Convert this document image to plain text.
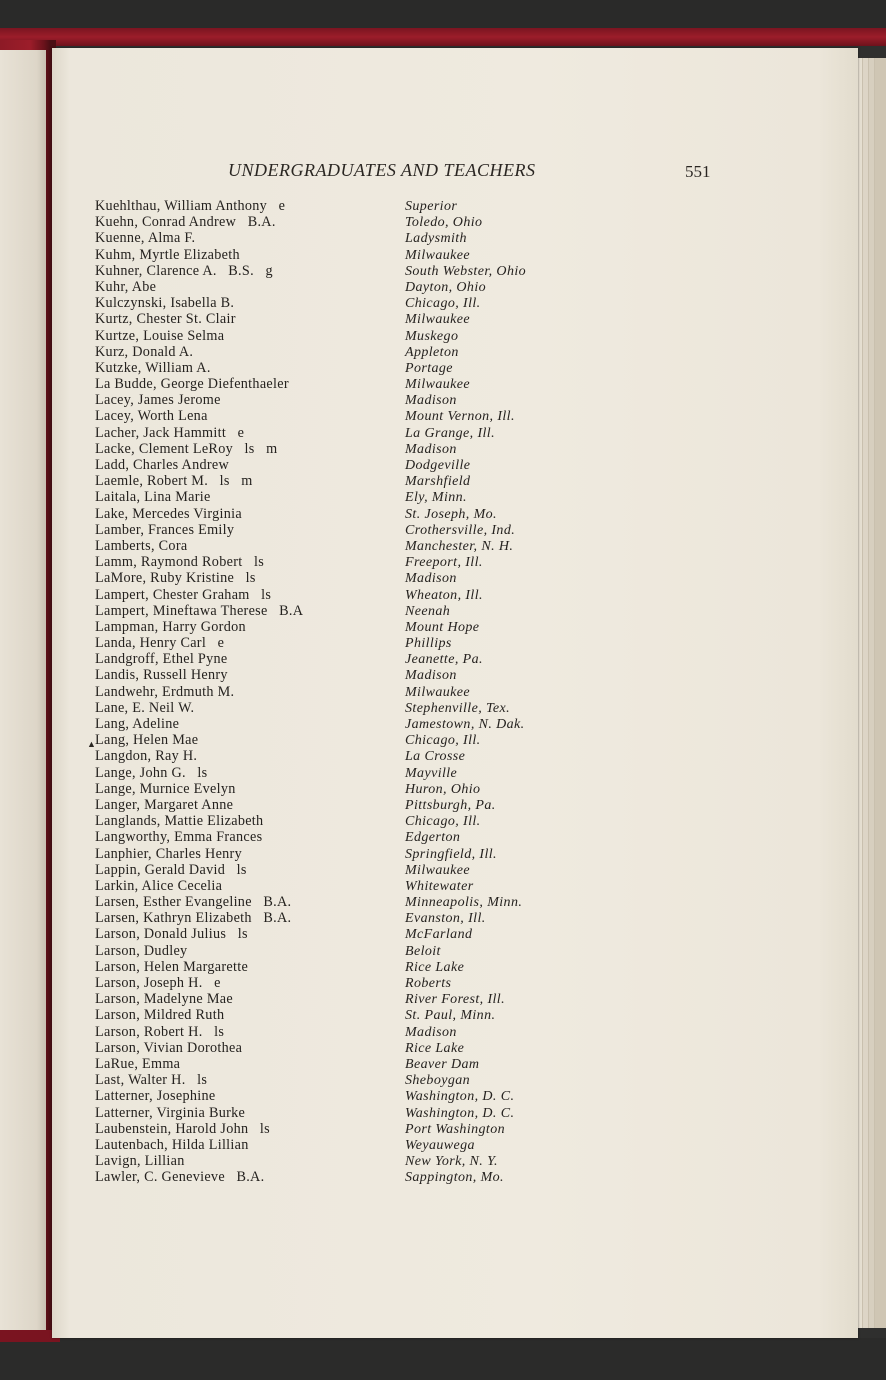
UNDERGRADUATES AND TEACHERS	551
▲
Kuehlthau, William Anthony   e	Superior
Kuehn, Conrad Andrew   B.A.	Toledo, Ohio
Kuenne, Alma F.	Ladysmith
Kuhm, Myrtle Elizabeth	Milwaukee
Kuhner, Clarence A.   B.S.   g	South Webster, Ohio
Kuhr, Abe	Dayton, Ohio
Kulczynski, Isabella B.	Chicago, Ill.
Kurtz, Chester St. Clair	Milwaukee
Kurtze, Louise Selma	Muskego
Kurz, Donald A.	Appleton
Kutzke, William A.	Portage
La Budde, George Diefenthaeler	Milwaukee
Lacey, James Jerome	Madison
Lacey, Worth Lena	Mount Vernon, Ill.
Lacher, Jack Hammitt   e	La Grange, Ill.
Lacke, Clement LeRoy   ls   m	Madison
Ladd, Charles Andrew	Dodgeville
Laemle, Robert M.   ls   m	Marshfield
Laitala, Lina Marie	Ely, Minn.
Lake, Mercedes Virginia	St. Joseph, Mo.
Lamber, Frances Emily	Crothersville, Ind.
Lamberts, Cora	Manchester, N. H.
Lamm, Raymond Robert   ls	Freeport, Ill.
LaMore, Ruby Kristine   ls	Madison
Lampert, Chester Graham   ls	Wheaton, Ill.
Lampert, Mineftawa Therese   B.A	Neenah
Lampman, Harry Gordon	Mount Hope
Landa, Henry Carl   e	Phillips
Landgroff, Ethel Pyne	Jeanette, Pa.
Landis, Russell Henry	Madison
Landwehr, Erdmuth M.	Milwaukee
Lane, E. Neil W.	Stephenville, Tex.
Lang, Adeline	Jamestown, N. Dak.
Lang, Helen Mae	Chicago, Ill.
Langdon, Ray H.	La Crosse
Lange, John G.   ls	Mayville
Lange, Murnice Evelyn	Huron, Ohio
Langer, Margaret Anne	Pittsburgh, Pa.
Langlands, Mattie Elizabeth	Chicago, Ill.
Langworthy, Emma Frances	Edgerton
Lanphier, Charles Henry	Springfield, Ill.
Lappin, Gerald David   ls	Milwaukee
Larkin, Alice Cecelia	Whitewater
Larsen, Esther Evangeline   B.A.	Minneapolis, Minn.
Larsen, Kathryn Elizabeth   B.A.	Evanston, Ill.
Larson, Donald Julius   ls	McFarland
Larson, Dudley	Beloit
Larson, Helen Margarette	Rice Lake
Larson, Joseph H.   e	Roberts
Larson, Madelyne Mae	River Forest, Ill.
Larson, Mildred Ruth	St. Paul, Minn.
Larson, Robert H.   ls	Madison
Larson, Vivian Dorothea	Rice Lake
LaRue, Emma	Beaver Dam
Last, Walter H.   ls	Sheboygan
Latterner, Josephine	Washington, D. C.
Latterner, Virginia Burke	Washington, D. C.
Laubenstein, Harold John   ls	Port Washington
Lautenbach, Hilda Lillian	Weyauwega
Lavign, Lillian	New York, N. Y.
Lawler, C. Genevieve   B.A.	Sappington, Mo.
